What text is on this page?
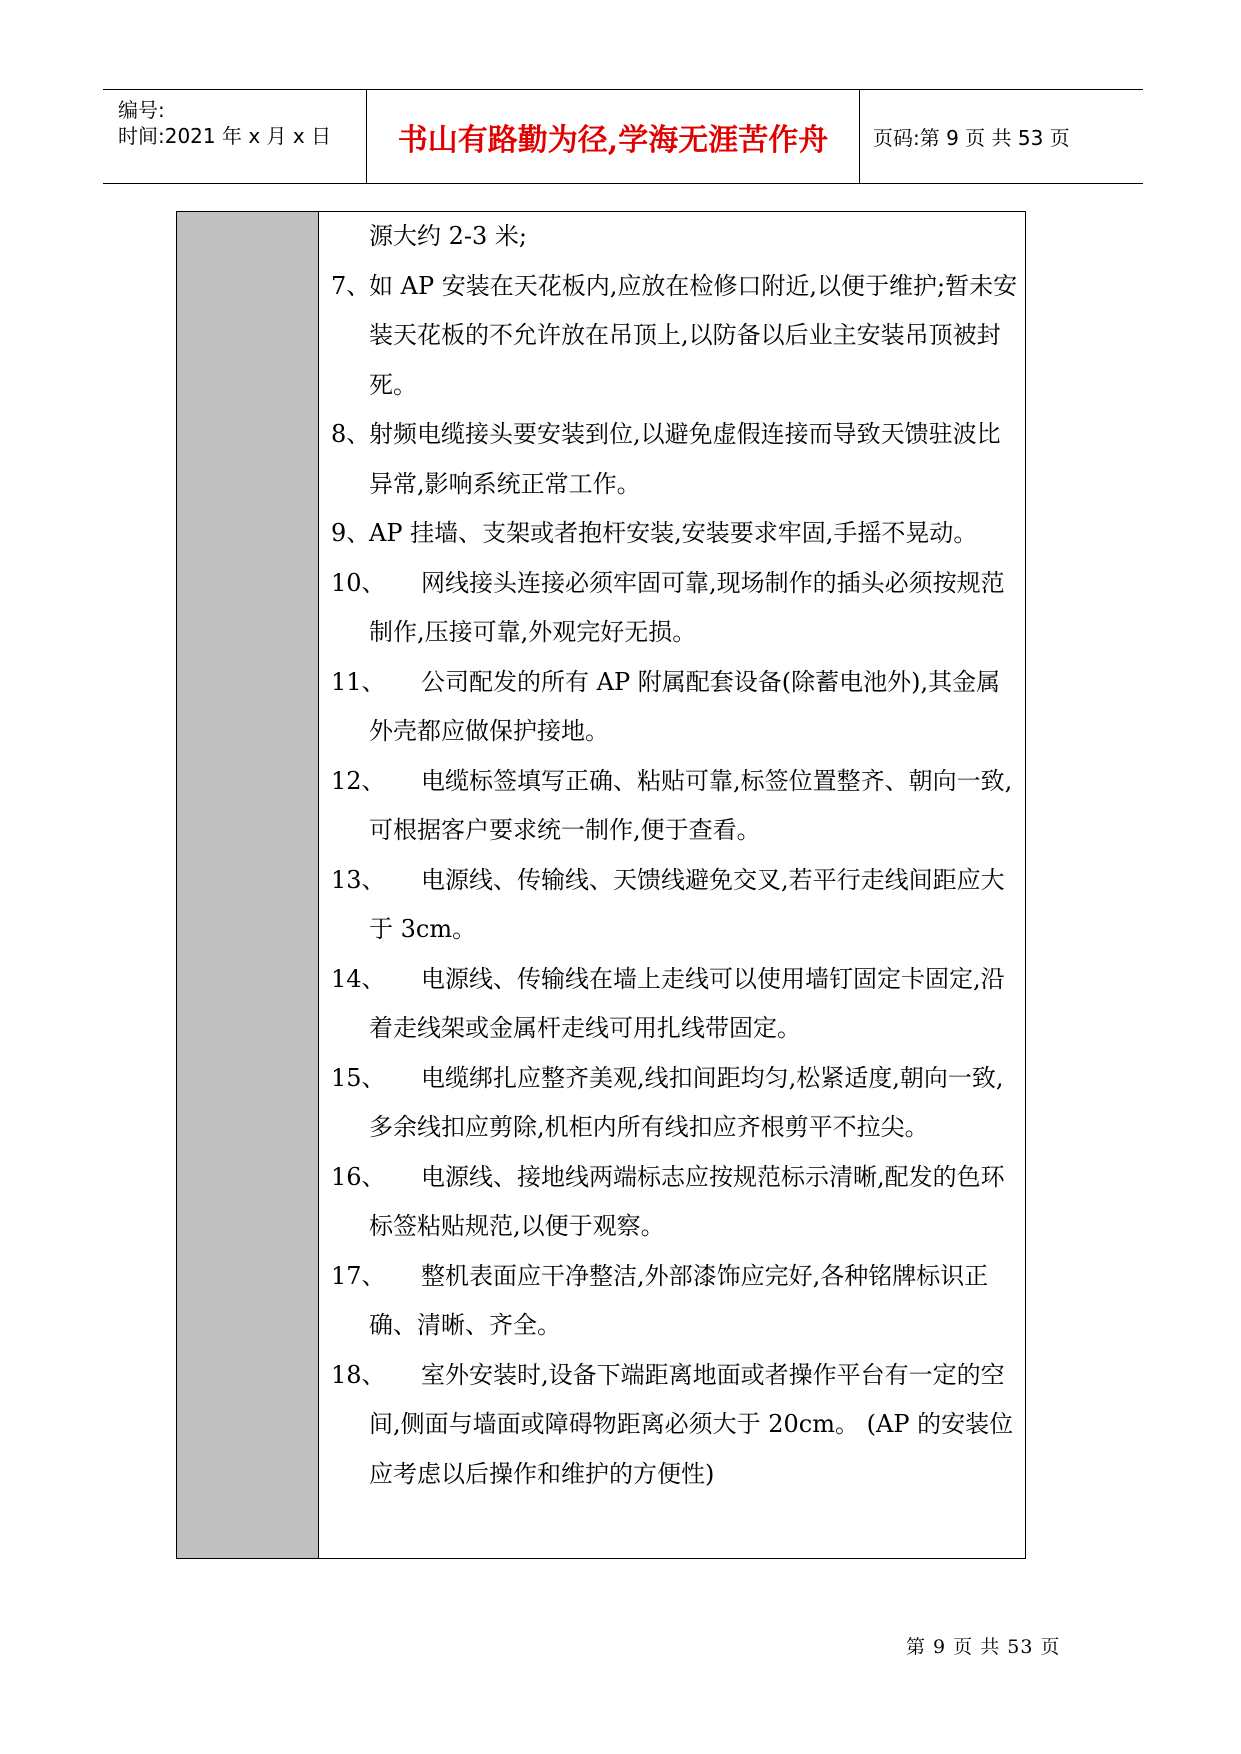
编号:
时间:2021 年 x 月 x 日	书山有路勤为径,学海无涯苦作舟	页码:第 9 页 共 53 页
源大约 2-3 米;
7、
如 AP 安装在天花板内,应放在检修口附近,以便于维护;暂未安装天花板的不允许放在吊顶上,以防备以后业主安装吊顶被封死。
8、
射频电缆接头要安装到位,以避免虚假连接而导致天馈驻波比异常,影响系统正常工作。
9、
AP 挂墙、支架或者抱杆安装,安装要求牢固,手摇不晃动。
10、	网线接头连接必须牢固可靠,现场制作的插头必须按规范制作,压接可靠,外观完好无损。
11、	公司配发的所有 AP 附属配套设备(除蓄电池外),其金属外壳都应做保护接地。
12、	电缆标签填写正确、粘贴可靠,标签位置整齐、朝向一致,可根据客户要求统一制作,便于查看。
13、	电源线、传输线、天馈线避免交叉,若平行走线间距应大于 3cm。
14、	电源线、传输线在墙上走线可以使用墙钉固定卡固定,沿着走线架或金属杆走线可用扎线带固定。
15、	电缆绑扎应整齐美观,线扣间距均匀,松紧适度,朝向一致,多余线扣应剪除,机柜内所有线扣应齐根剪平不拉尖。
16、	电源线、接地线两端标志应按规范标示清晰,配发的色环标签粘贴规范,以便于观察。
17、	整机表面应干净整洁,外部漆饰应完好,各种铭牌标识正确、清晰、齐全。
18、	室外安装时,设备下端距离地面或者操作平台有一定的空间,侧面与墙面或障碍物距离必须大于 20cm。 (AP 的安装位应考虑以后操作和维护的方便性)
第 9 页 共 53 页
